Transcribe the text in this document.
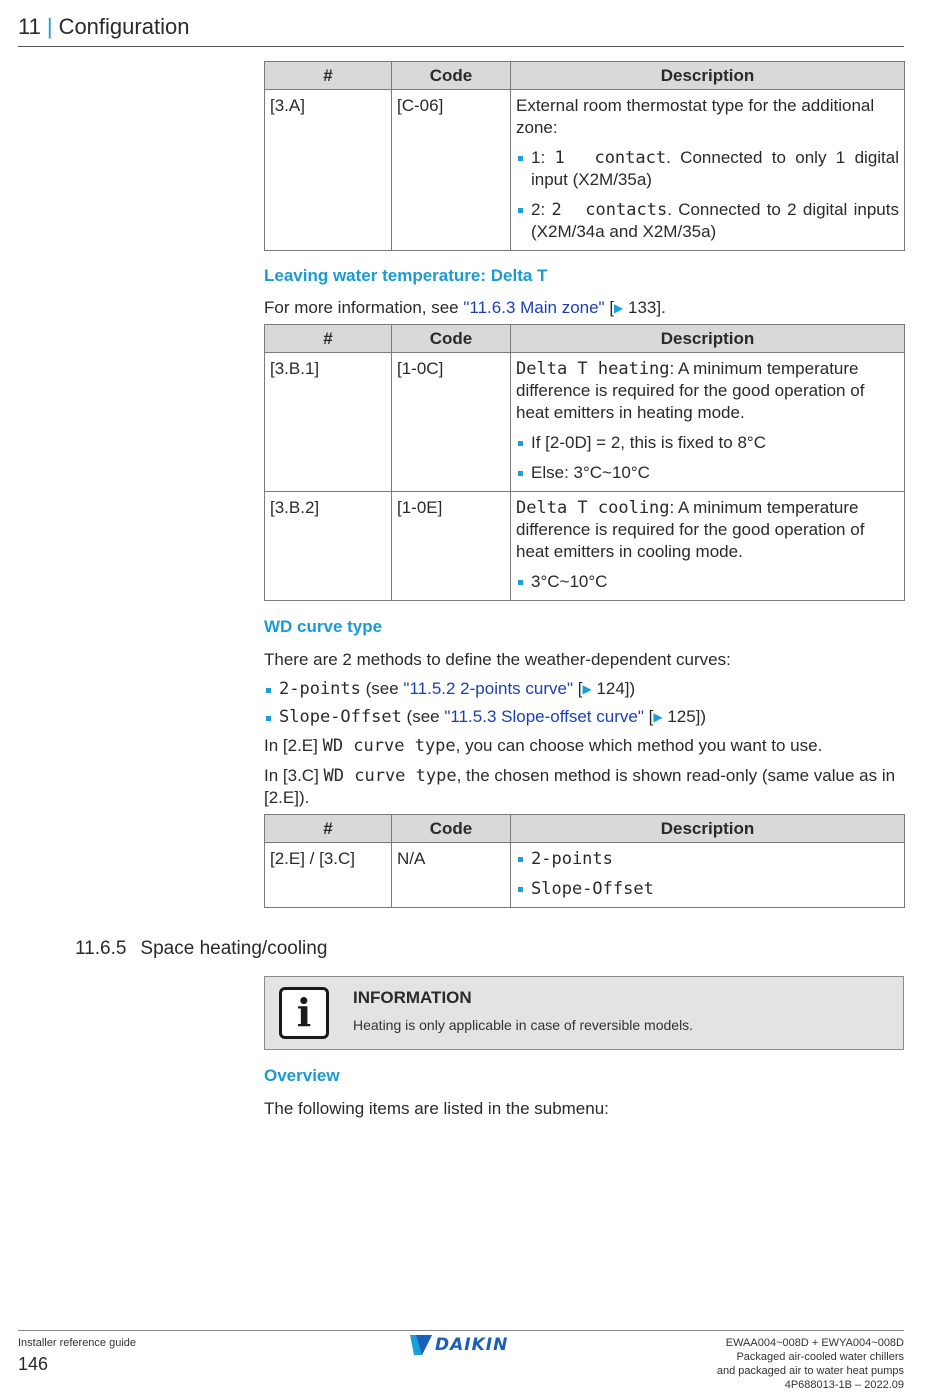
11 | Configuration
#	Code	Description
[3.A]	[C-06]	External room thermostat type for the additional zone:
1: 1  contact. Connected to only 1 digital input (X2M/35a)
2: 2  contacts. Connected to 2 digital inputs (X2M/34a and X2M/35a)
Leaving water temperature: Delta T

For more information, see "11.6.3 Main zone" [▶ 133].

#	Code	Description
[3.B.1]	[1-0C]	Delta T heating: A minimum temperature difference is required for the good operation of heat emitters in heating mode.
If [2-0D] = 2, this is fixed to 8°C
Else: 3°C~10°C

[3.B.2]	[1-0E]	Delta T cooling: A minimum temperature difference is required for the good operation of heat emitters in cooling mode.
3°C~10°C
WD curve type

There are 2 methods to define the weather-dependent curves:

2-points (see "11.5.2 2-points curve" [▶ 124])
Slope-Offset (see "11.5.3 Slope-offset curve" [▶ 125])

In [2.E] WD curve type, you can choose which method you want to use.

In [3.C] WD curve type, the chosen method is shown read-only (same value as in [2.E]).

#	Code	Description
[2.E] / [3.C]	N/A	2-points
Slope-Offset
11.6.5 Space heating/cooling
i	INFORMATION
Heating is only applicable in case of reversible models.
Overview

The following items are listed in the submenu:

Installer reference guide
146
DAIKIN	EWAA004~008D + EWYA004~008D
Packaged air-cooled water chillers
and packaged air to water heat pumps
4P688013-1B – 2022.09
